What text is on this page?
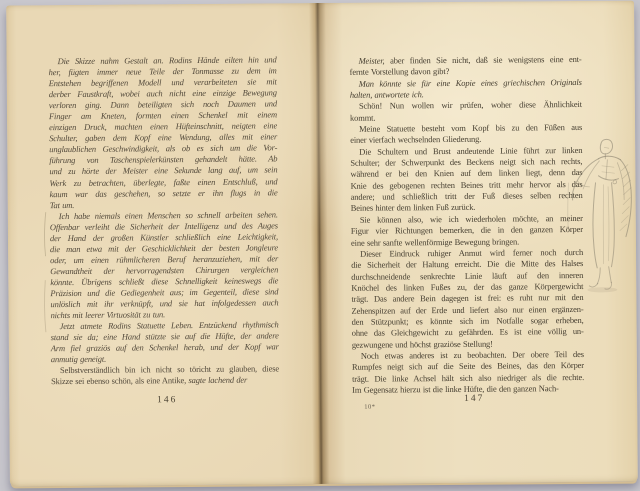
Die Skizze nahm Gestalt an. Rodins Hände eilten hin und
her, fügten immer neue Teile der Tonmasse zu dem im
Entstehen begriffenen Modell und verarbeiteten sie mit
derber Faustkraft, wobei auch nicht eine einzige Bewegung
verloren ging. Dann beteiligten sich noch Daumen und
Finger am Kneten, formten einen Schenkel mit einem
einzigen Druck, machten einen Hüfteinschnitt, neigten eine
Schulter, gaben dem Kopf eine Wendung, alles mit einer
unglaublichen Geschwindigkeit, als ob es sich um die Vor-
führung von Taschenspielerkünsten gehandelt hätte. Ab
und zu hörte der Meister eine Sekunde lang auf, um sein
Werk zu betrachten, überlegte, faßte einen Entschluß, und
kaum war das geschehen, so setzte er ihn flugs in die
Tat um.
Ich habe niemals einen Menschen so schnell arbeiten sehen.
Offenbar verleiht die Sicherheit der Intelligenz und des Auges
der Hand der großen Künstler schließlich eine Leichtigkeit,
die man etwa mit der Geschicklichkeit der besten Jongleure
oder, um einen rühmlicheren Beruf heranzuziehen, mit der
Gewandtheit der hervorragendsten Chirurgen vergleichen
könnte. Übrigens schließt diese Schnelligkeit keineswegs die
Präzision und die Gediegenheit aus; im Gegenteil, diese sind
unlöslich mit ihr verknüpft, und sie hat infolgedessen auch
nichts mit leerer Virtuosität zu tun.
Jetzt atmete Rodins Statuette Leben. Entzückend rhythmisch
stand sie da; eine Hand stützte sie auf die Hüfte, der andere
Arm fiel graziös auf den Schenkel herab, und der Kopf war
anmutig geneigt.
Selbstverständlich bin ich nicht so töricht zu glauben, diese
Skizze sei ebenso schön, als eine Antike, sagte lachend der
Meister, aber finden Sie nicht, daß sie wenigstens eine ent-
fernte Vorstellung davon gibt?
Man könnte sie für eine Kopie eines griechischen Originals
halten, antwortete ich.
Schön! Nun wollen wir prüfen, woher diese Ähnlichkeit
kommt.
Meine Statuette besteht vom Kopf bis zu den Füßen aus
einer vierfach wechselnden Gliederung.
Die Schultern und Brust andeutende Linie führt zur linken
Schulter; der Schwerpunkt des Beckens neigt sich nach rechts,
während er bei den Knien auf dem linken liegt, denn das
Knie des gebogenen rechten Beines tritt mehr hervor als das
andere; und schließlich tritt der Fuß dieses selben rechten
Beines hinter dem linken Fuß zurück.
Sie können also, wie ich wiederholen möchte, an meiner
Figur vier Richtungen bemerken, die in den ganzen Körper
eine sehr sanfte wellenförmige Bewegung bringen.
Dieser Eindruck ruhiger Anmut wird ferner noch durch
die Sicherheit der Haltung erreicht. Die die Mitte des Halses
durchschneidende senkrechte Linie läuft auf den inneren
Knöchel des linken Fußes zu, der das ganze Körpergewicht
trägt. Das andere Bein dagegen ist frei: es ruht nur mit den
Zehenspitzen auf der Erde und liefert also nur einen ergänzen-
den Stützpunkt; es könnte sich im Notfalle sogar erheben,
ohne das Gleichgewicht zu gefährden. Es ist eine völlig un-
gezwungene und höchst graziöse Stellung!
Noch etwas anderes ist zu beobachten. Der obere Teil des
Rumpfes neigt sich auf die Seite des Beines, das den Körper
trägt. Die linke Achsel hält sich also niedriger als die rechte.
Im Gegensatz hierzu ist die linke Hüfte, die den ganzen Nach-
146	147
10*
